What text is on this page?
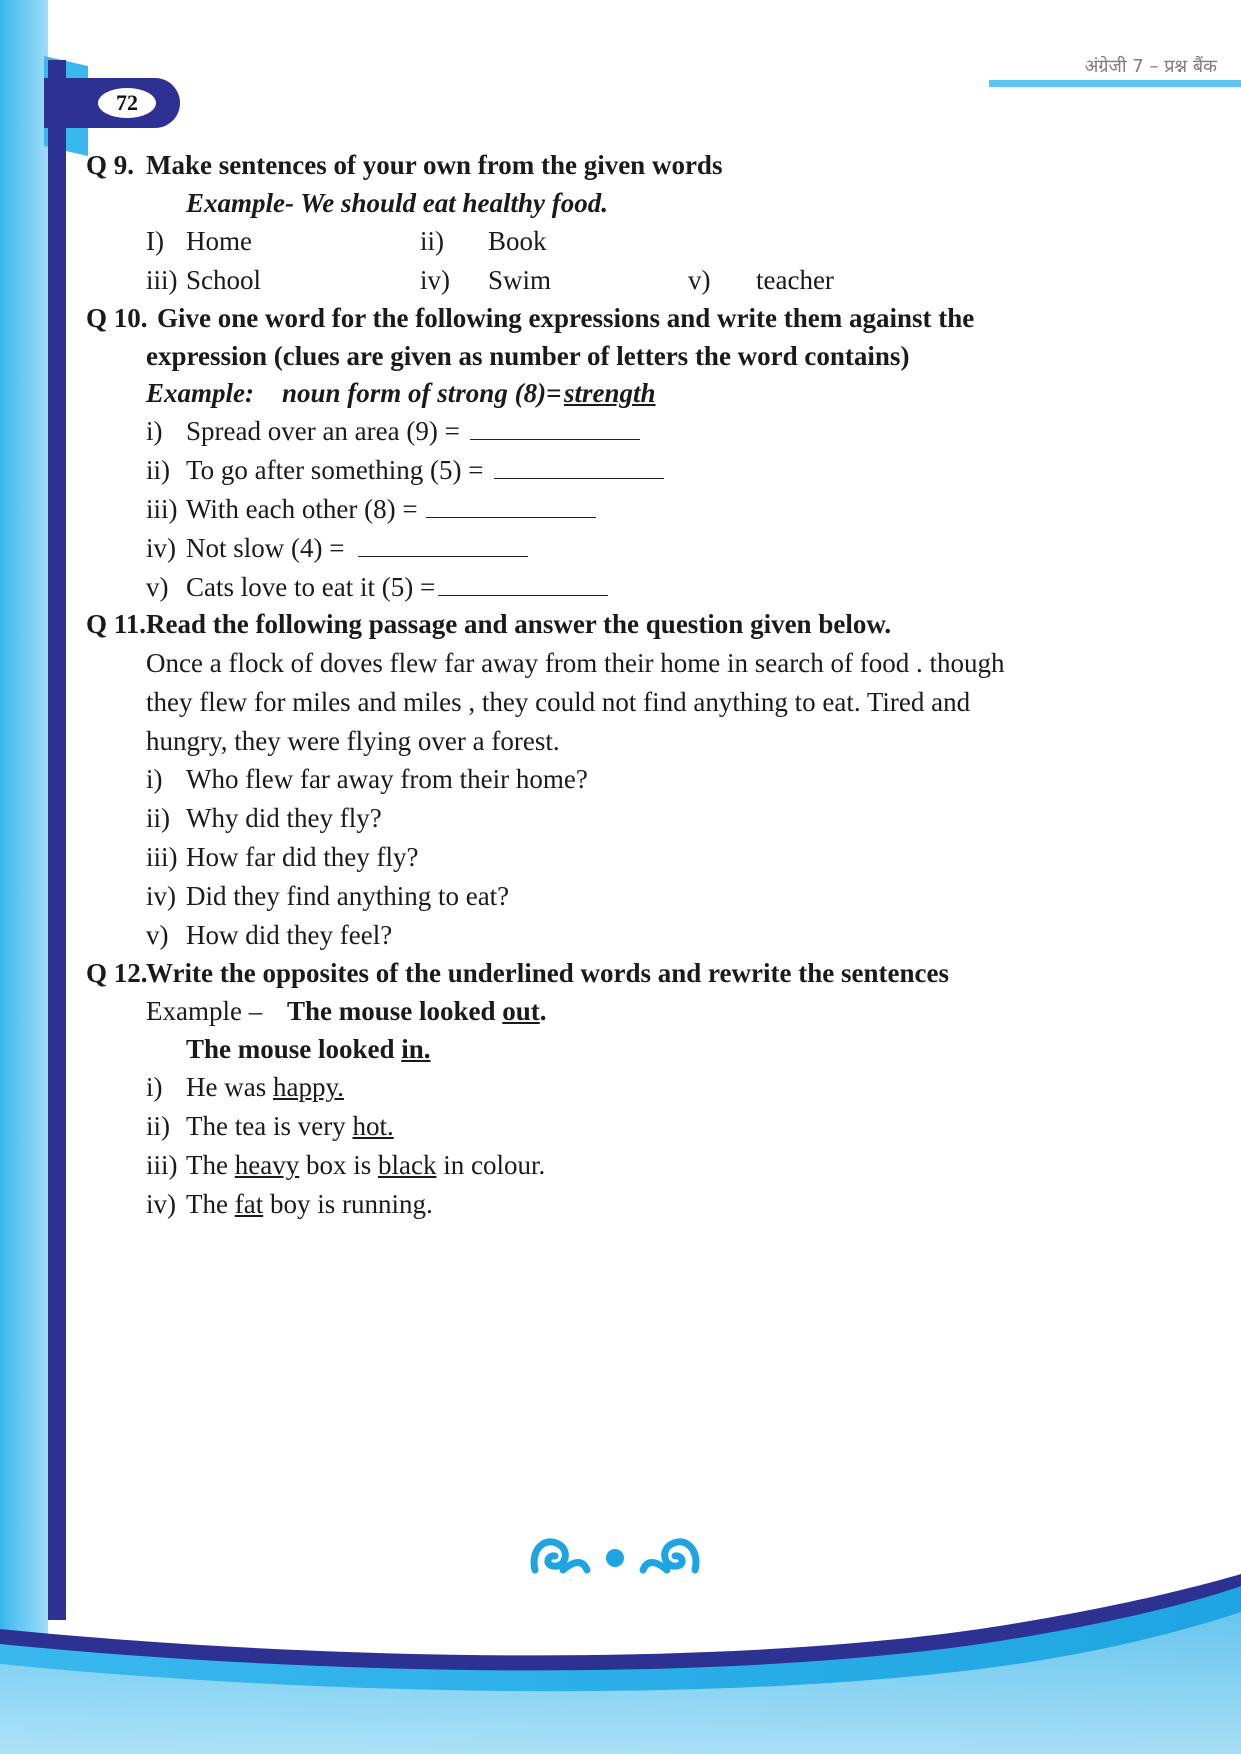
72
अंग्रेजी 7 – प्रश्न बैंक
Q 9. Make sentences of your own from the given words
Example- We should eat healthy food.
I) Home	ii) Book
iii) School	iv) Swim	v) teacher
Q 10. Give one word for the following expressions and write them against the
expression (clues are given as number of letters the word contains)
Example: noun form of strong (8)= strength
i) Spread over an area (9) =
ii) To go after something (5) =
iii) With each other (8) =
iv) Not slow (4) =
v) Cats love to eat it (5) =
Q 11. Read the following passage and answer the question given below.
Once a flock of doves flew far away from their home in search of food . though
they flew for miles and miles , they could not find anything to eat. Tired and
hungry, they were flying over a forest.
i) Who flew far away from their home?
ii) Why did they fly?
iii) How far did they fly?
iv) Did they find anything to eat?
v) How did they feel?
Q 12.
Write the opposites of the underlined words and rewrite the sentences
Example – The mouse looked out.
The mouse looked in.
i) He was happy.
ii) The tea is very hot.
iii) The heavy box is black in colour.
iv) The fat boy is running.
